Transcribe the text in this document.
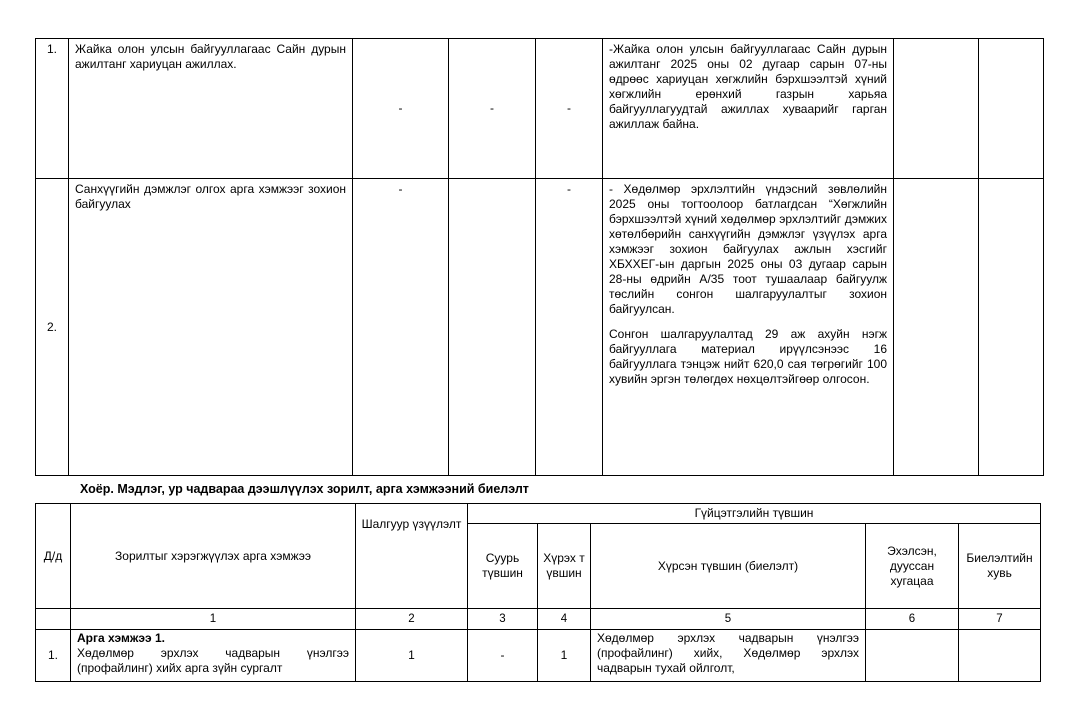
1.	Жайка олон улсын байгууллагаас Сайн дурын ажилтанг хариуцан ажиллах.	-	-	-	-Жайка олон улсын байгууллагаас Сайн дурын ажилтанг 2025 оны 02 дугаар сарын 07-ны өдрөөс хариуцан хөгжлийн бэрхшээлтэй хүний хөгжлийн ерөнхий газрын харьяа байгууллагуудтай ажиллах хуваарийг гарган ажиллаж байна.		
2.	Санхүүгийн дэмжлэг олгох арга хэмжээг зохион байгуулах	-		-	- Хөдөлмөр эрхлэлтийн үндэсний зөвлөлийн 2025 оны тогтоолоор батлагдсан “Хөгжлийн бэрхшээлтэй хүний хөдөлмөр эрхлэлтийг дэмжих хөтөлбөрийн санхүүгийн дэмжлэг үзүүлэх арга хэмжээг зохион байгуулах ажлын хэсгийг ХБХХЕГ-ын даргын 2025 оны 03 дугаар сарын 28-ны өдрийн А/35 тоот тушаалаар байгуулж төслийн сонгон шалгаруулалтыг зохион байгуулсан.

Сонгон шалгаруулалтад 29 аж ахуйн нэгж байгууллага материал ирүүлсэнээс 16 байгууллага тэнцэж нийт 620,0 сая төгрөгийг 100 хувийн эргэн төлөгдөх нөхцөлтэйгөөр олгосон.		

Хоёр. Мэдлэг, ур чадвараа дээшлүүлэх зорилт, арга хэмжээний биелэлт
Д/д	Зорилтыг хэрэгжүүлэх арга хэмжээ	Шалгуур үзүүлэлт	Гүйцэтгэлийн түвшин				
			Суурь түвшин	Хүрэх түвшин	Хүрсэн түвшин (биелэлт)	Эхэлсэн, дууссан хугацаа	Биелэлтийн хувь
	1	2	3	4	5	6	7
1.	Арга хэмжээ 1.
Хөдөлмөр эрхлэх чадварын үнэлгээ (профайлинг) хийх арга зүйн сургалт	1	-	1	Хөдөлмөр эрхлэх чадварын үнэлгээ (профайлинг) хийх, Хөдөлмөр эрхлэх чадварын тухай ойлголт,		
